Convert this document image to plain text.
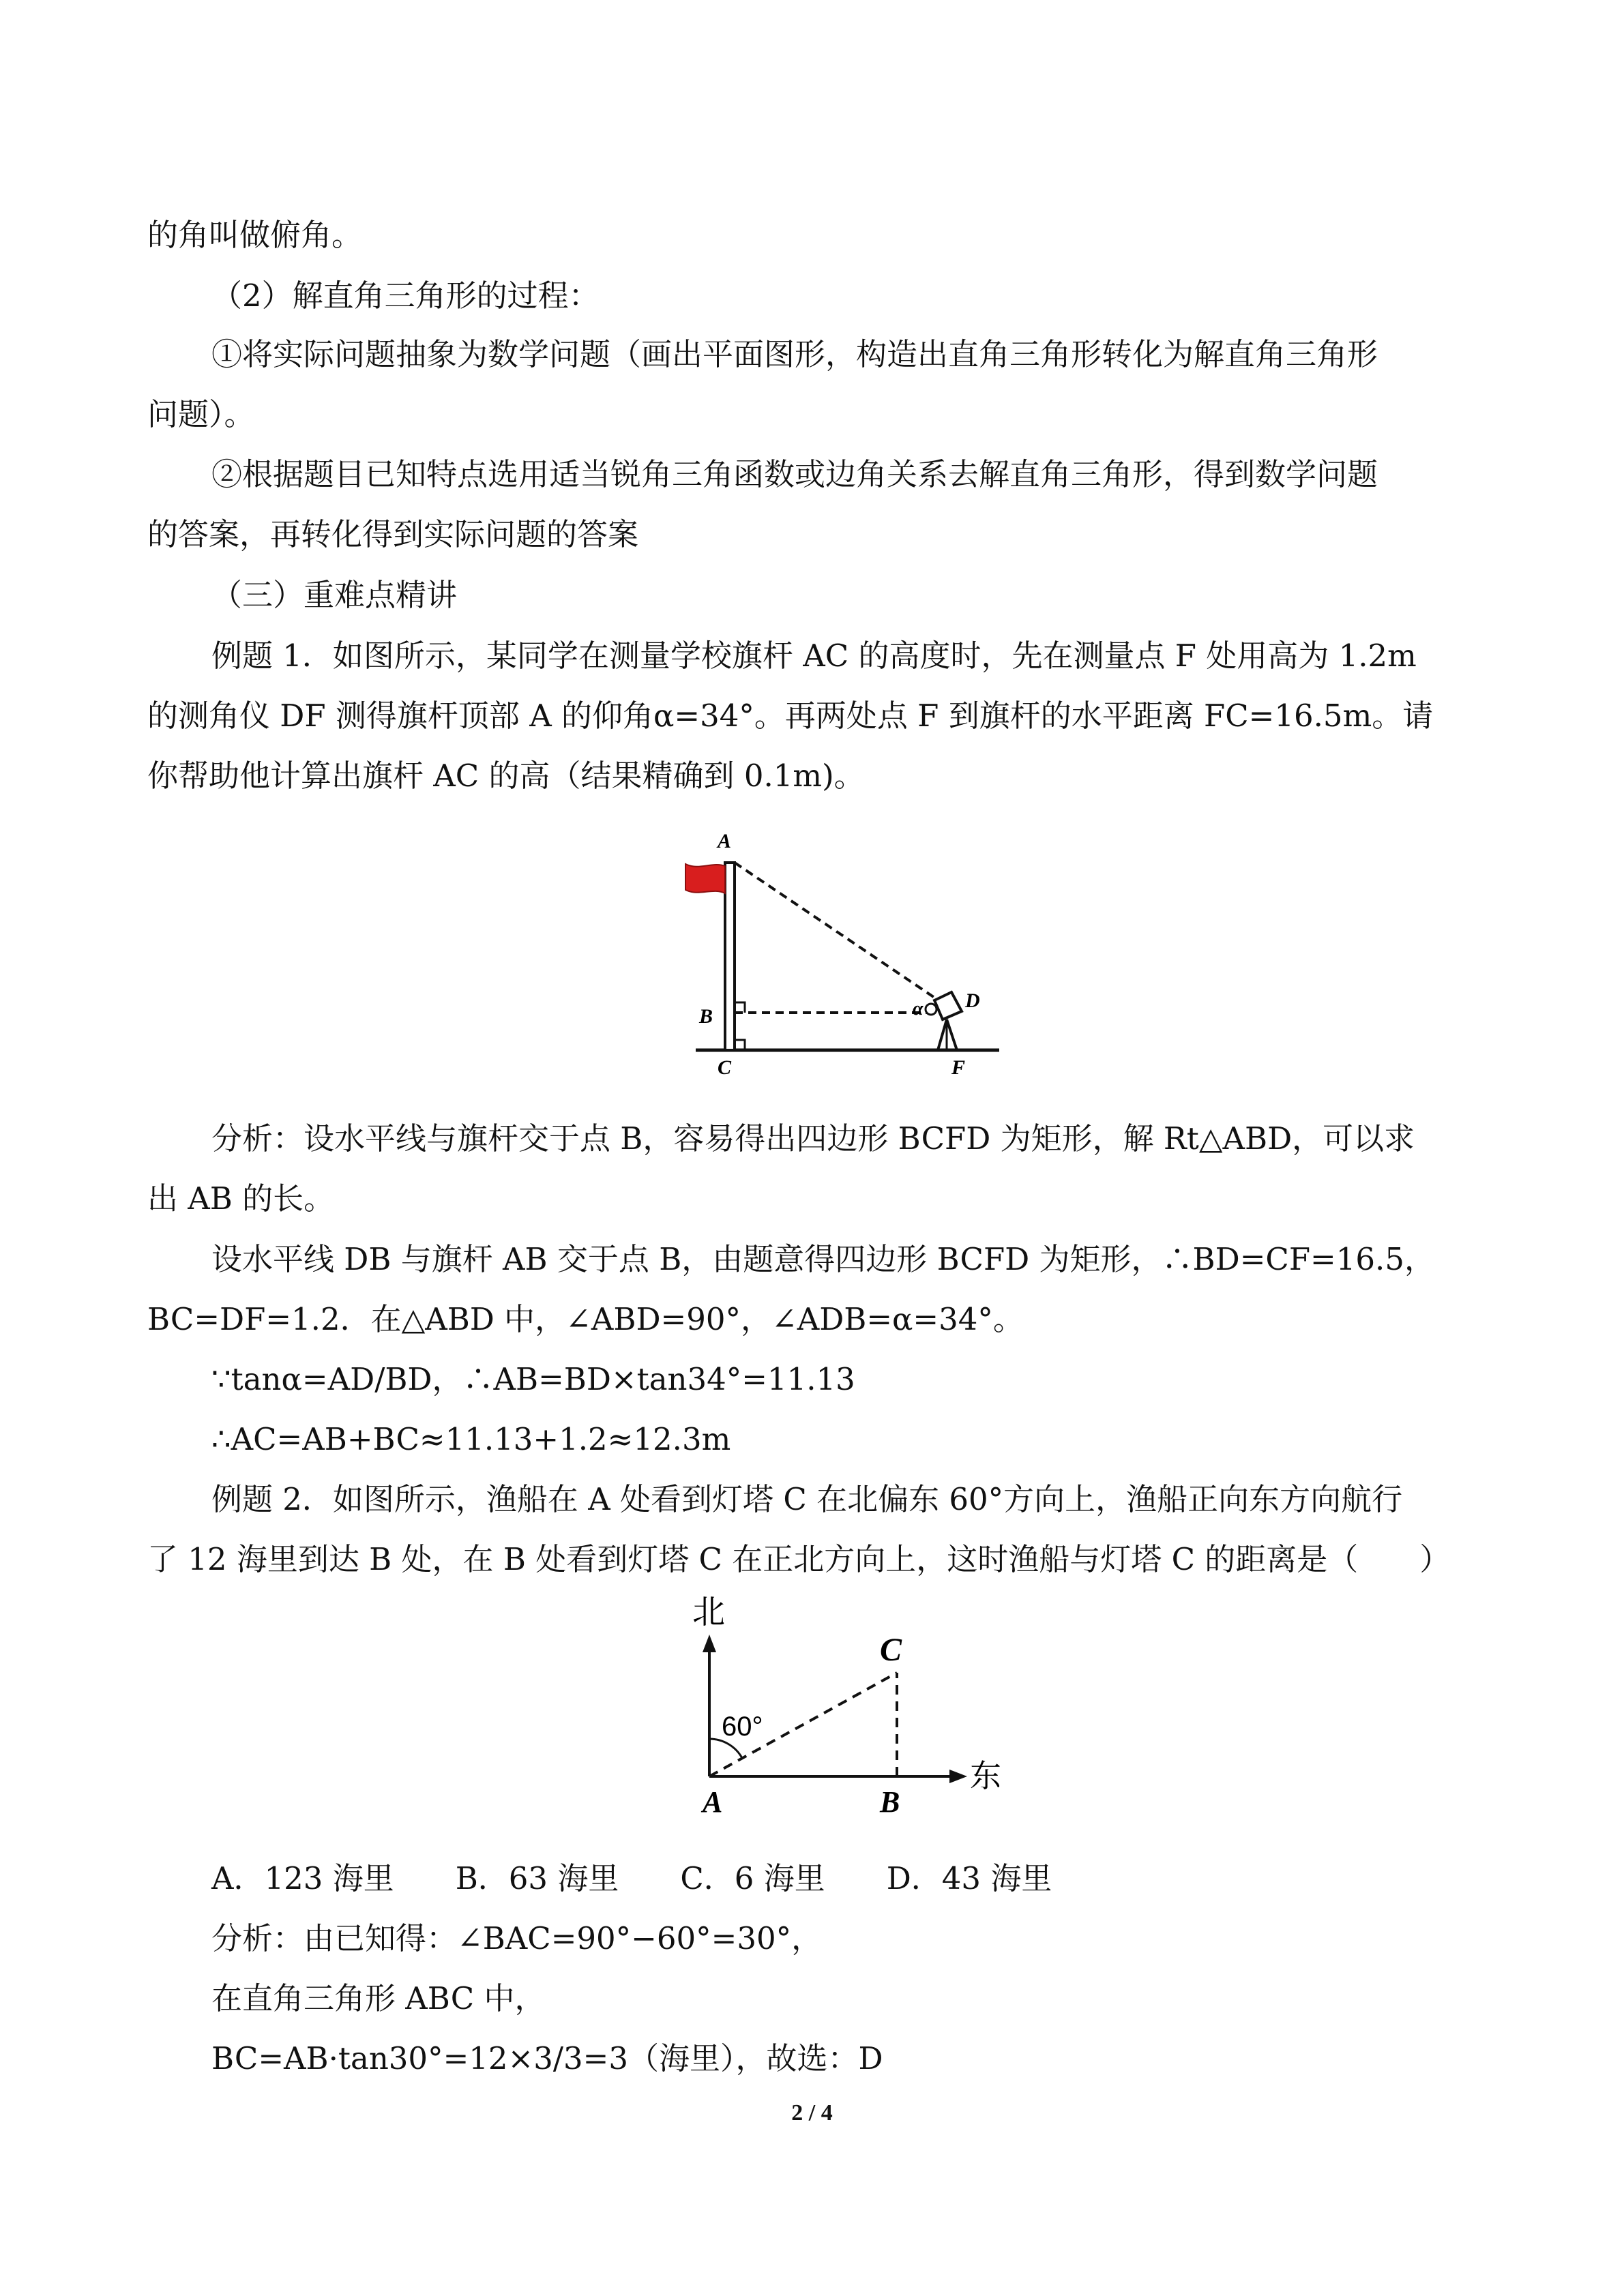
的角叫做俯角。
（2）解直角三角形的过程：
①将实际问题抽象为数学问题（画出平面图形，构造出直角三角形转化为解直角三角形
问题）。
②根据题目已知特点选用适当锐角三角函数或边角关系去解直角三角形，得到数学问题
的答案，再转化得到实际问题的答案
（三）重难点精讲
例题 1．如图所示，某同学在测量学校旗杆 AC 的高度时，先在测量点 F 处用高为 1.2m
的测角仪 DF 测得旗杆顶部 A 的仰角α=34°。再两处点 F 到旗杆的水平距离 FC=16.5m。请
你帮助他计算出旗杆 AC 的高（结果精确到 0.1m)。
A
B
C
D
F
α
分析：设水平线与旗杆交于点 B，容易得出四边形 BCFD 为矩形，解 Rt△ABD，可以求
出 AB 的长。
设水平线 DB 与旗杆 AB 交于点 B，由题意得四边形 BCFD 为矩形，∴BD=CF=16.5，
BC=DF=1.2．在△ABD 中，∠ABD=90°，∠ADB=α=34°。
∵tanα=AD/BD，∴AB=BD×tan34°=11.13
∴AC=AB+BC≈11.13+1.2≈12.3m
例题 2．如图所示，渔船在 A 处看到灯塔 C 在北偏东 60°方向上，渔船正向东方向航行
了 12 海里到达 B 处，在 B 处看到灯塔 C 在正北方向上，这时渔船与灯塔 C 的距离是（　　）
北
东
60°
C
A	B
A．123 海里 B．63 海里 C．6 海里 D．43 海里
分析：由已知得：∠BAC=90°−60°=30°，
在直角三角形 ABC 中，
BC=AB·tan30°=12×3/3=3（海里），故选：D
2 / 4
